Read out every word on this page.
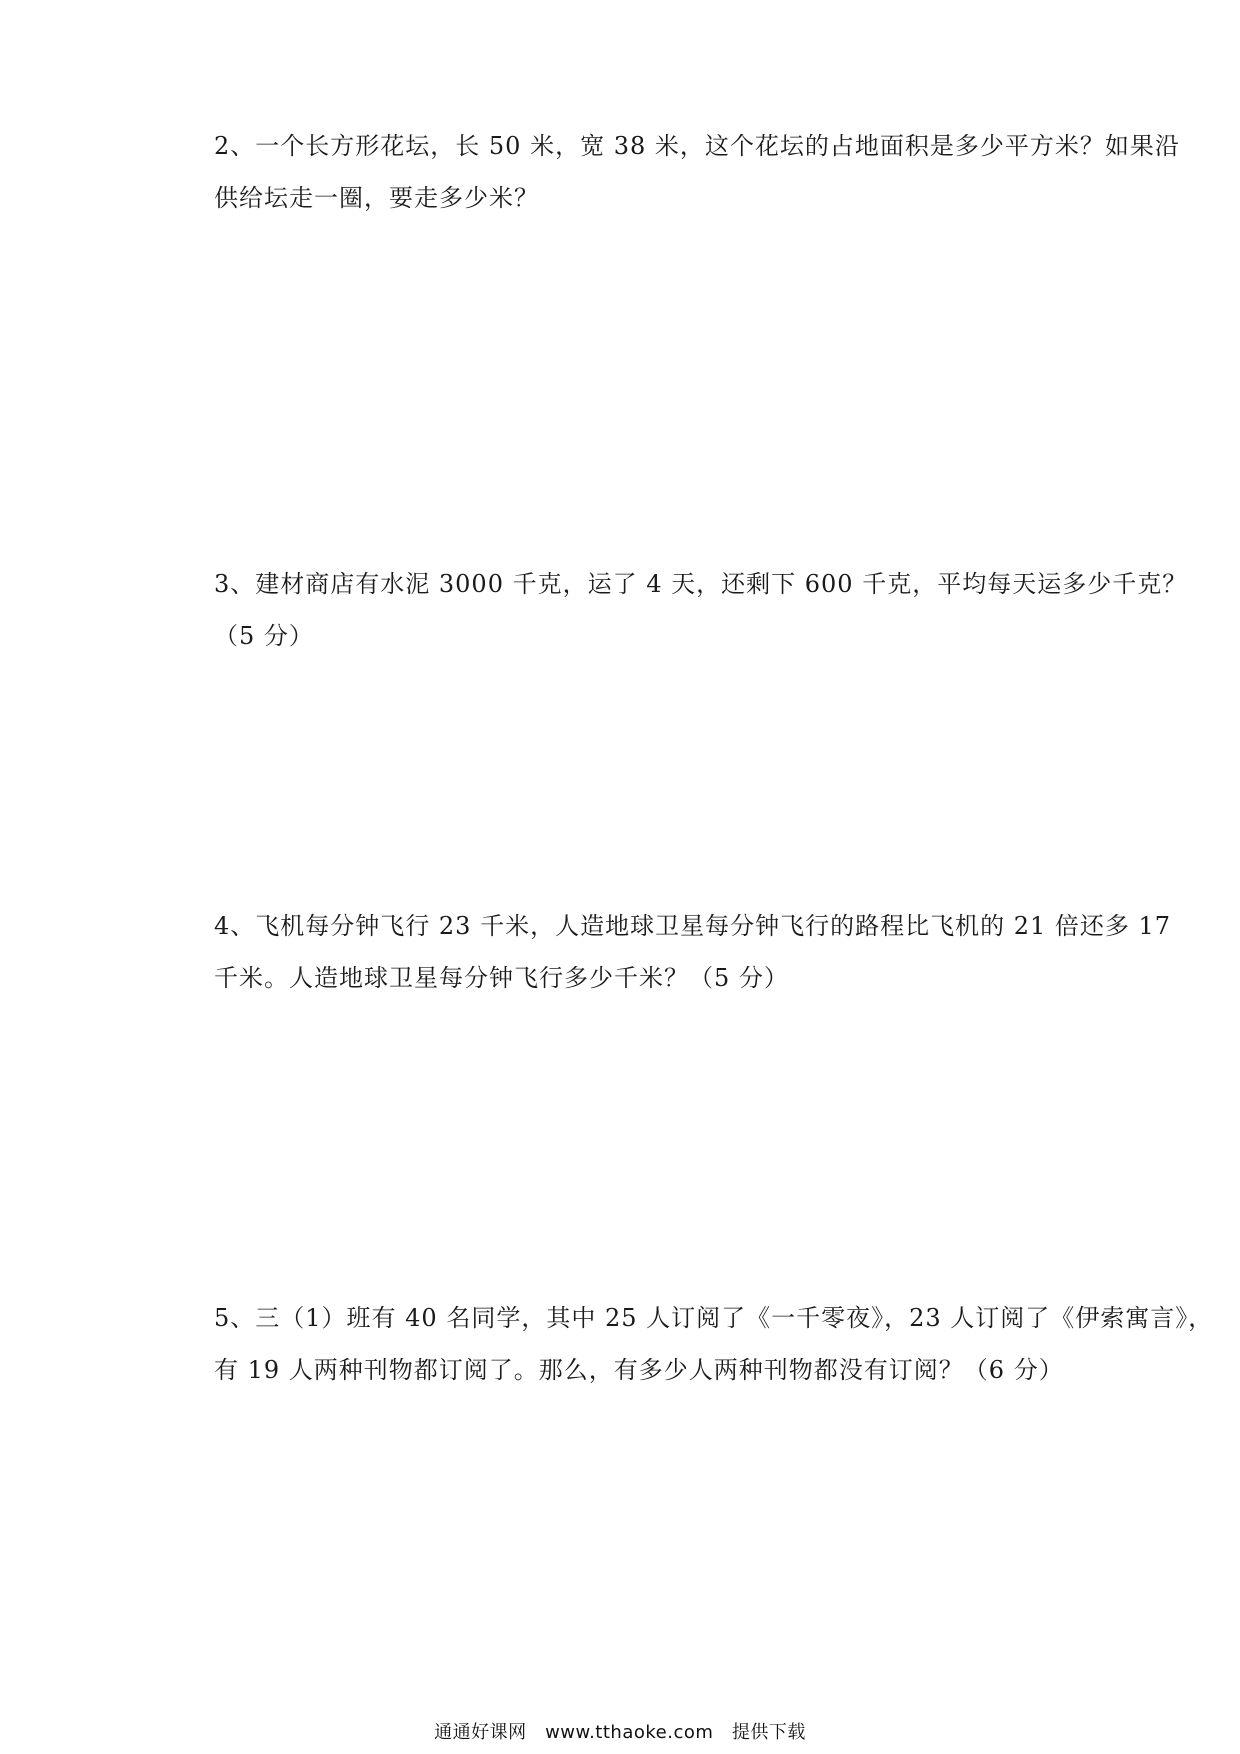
2、一个长方形花坛，长 50 米，宽 38 米，这个花坛的占地面积是多少平方米？如果沿
供给坛走一圈，要走多少米？
3、建材商店有水泥 3000 千克，运了 4 天，还剩下 600 千克，平均每天运多少千克？
（5 分）
4、飞机每分钟飞行 23 千米，人造地球卫星每分钟飞行的路程比飞机的 21 倍还多 17
千米。人造地球卫星每分钟飞行多少千米？（5 分）
5、三（1）班有 40 名同学，其中 25 人订阅了《一千零夜》，23 人订阅了《伊索寓言》，
有 19 人两种刊物都订阅了。那么，有多少人两种刊物都没有订阅？（6 分）
通通好课网　www.tthaoke.com　提供下载
